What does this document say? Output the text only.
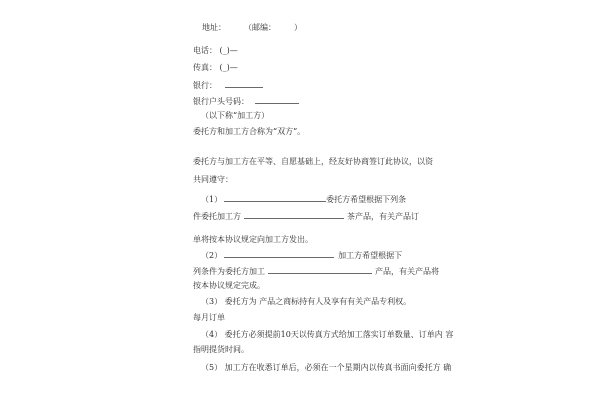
地址： （邮编： ）
电话： (_)—
传真： (_)—
银行：
银行户头号码：
（以下称“加工方）
委托方和加工方合称为“双方”。
委托方与加工方在平等、自愿基础上，经友好协商签订此协议，以资
共同遵守：
（1）	委托方希望根据下列条
件委托加工方	茶产品，有关产品订
单将按本协议规定向加工方发出。
（2）	加工方希望根据下
列条件为委托方加工	产品，有关产品将
按本协议规定完成。
（3） 委托方为 产品之商标持有人及享有有关产品专利权。
每月订单
（4） 委托方必须提前10天以传真方式给加工落实订单数量、订单内 容
指明提货时间。
（5） 加工方在收悉订单后，必须在一个星期内以传真书面向委托方 确
